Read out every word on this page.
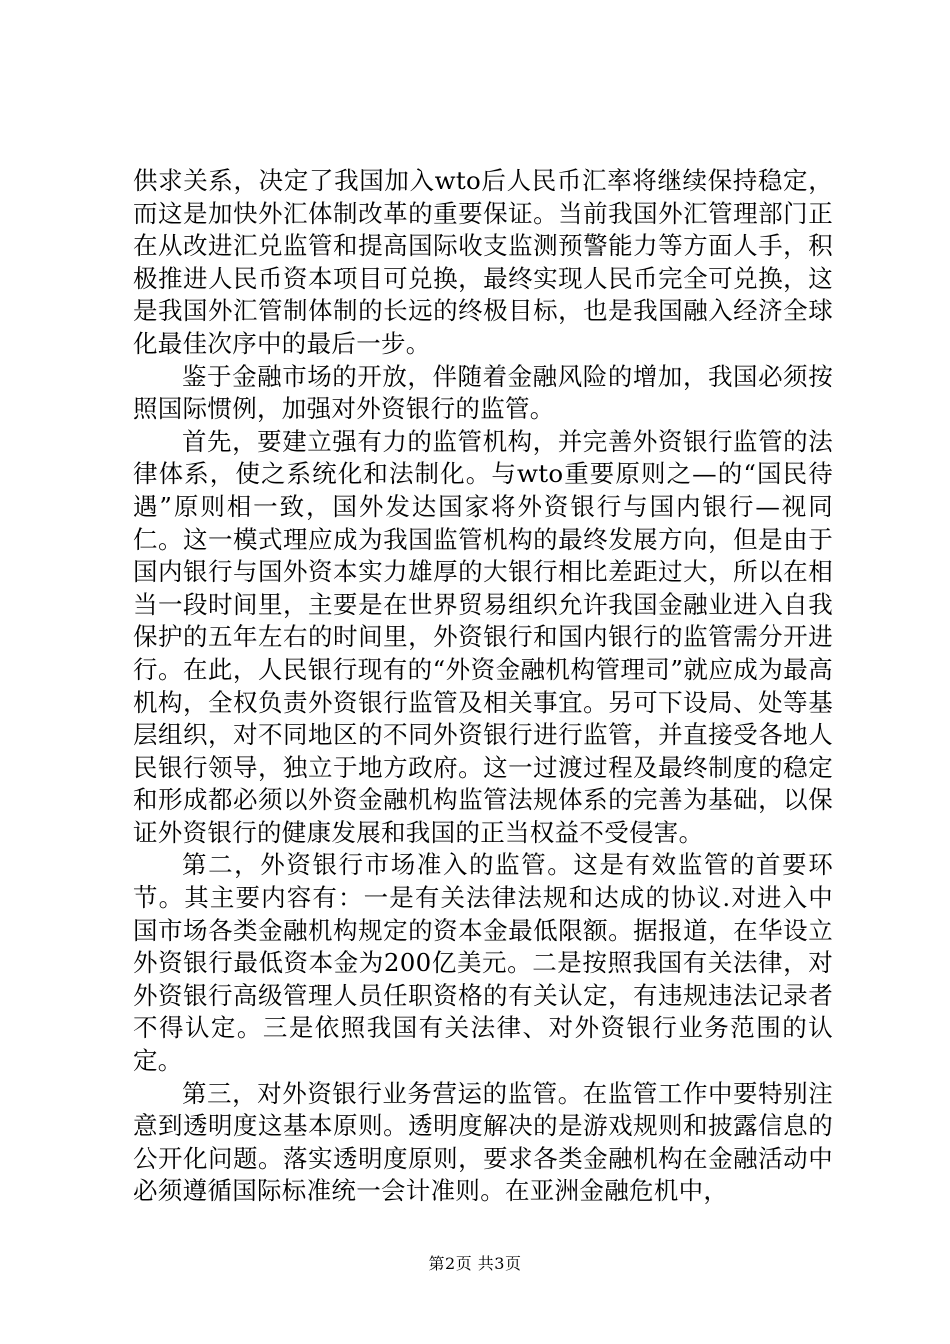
供求关系，决定了我国加入wto后人民币汇率将继续保持稳定，而这是加快外汇体制改革的重要保证。当前我国外汇管理部门正在从改进汇兑监管和提高国际收支监测预警能力等方面人手，积极推进人民币资本项目可兑换，最终实现人民币完全可兑换，这是我国外汇管制体制的长远的终极目标，也是我国融入经济全球化最佳次序中的最后一步。

鉴于金融市场的开放，伴随着金融风险的增加，我国必须按照国际惯例，加强对外资银行的监管。

首先，要建立强有力的监管机构，并完善外资银行监管的法律体系，使之系统化和法制化。与wto重要原则之—的“国民待遇”原则相一致，国外发达国家将外资银行与国内银行—视同仁。这一模式理应成为我国监管机构的最终发展方向，但是由于国内银行与国外资本实力雄厚的大银行相比差距过大，所以在相当一段时间里，主要是在世界贸易组织允许我国金融业进入自我保护的五年左右的时间里，外资银行和国内银行的监管需分开进行。在此，人民银行现有的“外资金融机构管理司”就应成为最高机构，全权负责外资银行监管及相关事宜。另可下设局、处等基层组织，对不同地区的不同外资银行进行监管，并直接受各地人民银行领导，独立于地方政府。这一过渡过程及最终制度的稳定和形成都必须以外资金融机构监管法规体系的完善为基础，以保证外资银行的健康发展和我国的正当权益不受侵害。

第二，外资银行市场准入的监管。这是有效监管的首要环节。其主要内容有：一是有关法律法规和达成的协议.对进入中国市场各类金融机构规定的资本金最低限额。据报道，在华设立外资银行最低资本金为200亿美元。二是按照我国有关法律，对外资银行高级管理人员任职资格的有关认定，有违规违法记录者不得认定。三是依照我国有关法律、对外资银行业务范围的认定。

第三，对外资银行业务营运的监管。在监管工作中要特别注意到透明度这基本原则。透明度解决的是游戏规则和披露信息的公开化问题。落实透明度原则，要求各类金融机构在金融活动中必须遵循国际标准统一会计准则。在亚洲金融危机中，

第2页 共3页
